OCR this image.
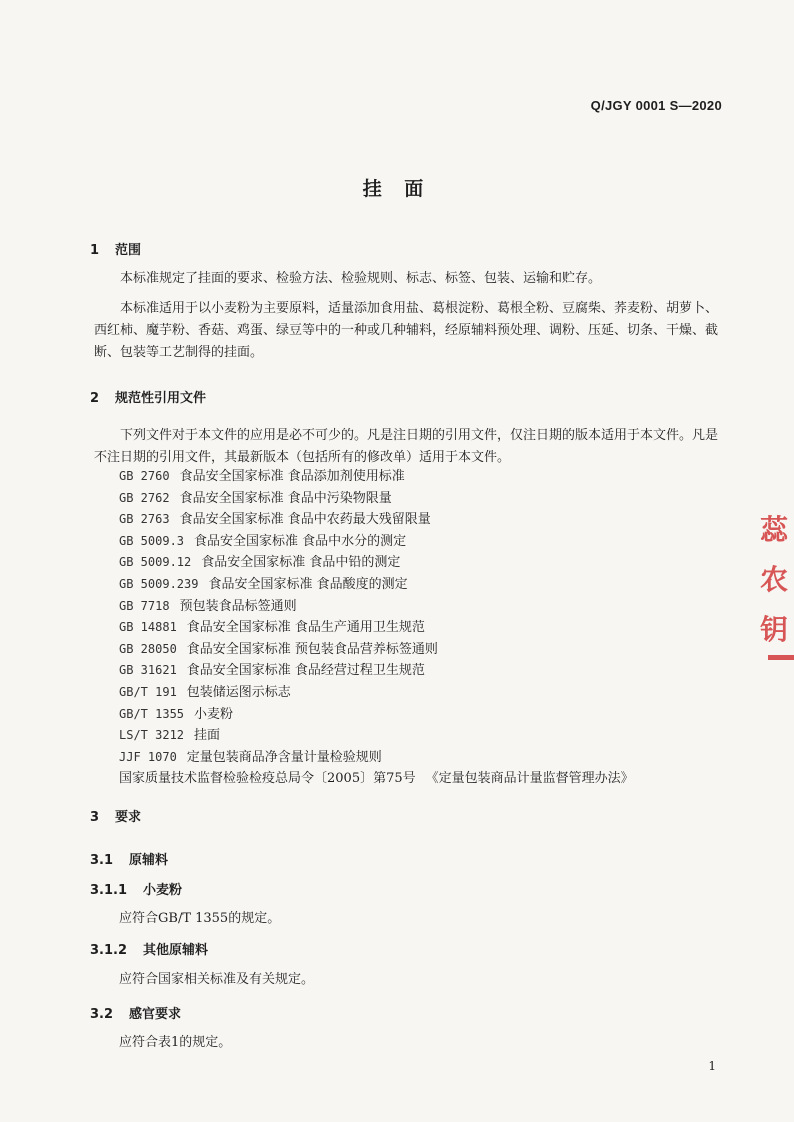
Q/JGY 0001 S—2020
挂 面
1 范围
本标准规定了挂面的要求、检验方法、检验规则、标志、标签、包装、运输和贮存。
本标准适用于以小麦粉为主要原料，适量添加食用盐、葛根淀粉、葛根全粉、豆腐柴、荞麦粉、胡萝卜、西红柿、魔芋粉、香菇、鸡蛋、绿豆等中的一种或几种辅料，经原辅料预处理、调粉、压延、切条、干燥、截断、包装等工艺制得的挂面。
2 规范性引用文件
下列文件对于本文件的应用是必不可少的。凡是注日期的引用文件，仅注日期的版本适用于本文件。凡是不注日期的引用文件，其最新版本（包括所有的修改单）适用于本文件。
GB 2760 食品安全国家标准 食品添加剂使用标准
GB 2762 食品安全国家标准 食品中污染物限量
GB 2763 食品安全国家标准 食品中农药最大残留限量
GB 5009.3 食品安全国家标准 食品中水分的测定
GB 5009.12 食品安全国家标准 食品中铅的测定
GB 5009.239 食品安全国家标准 食品酸度的测定
GB 7718 预包装食品标签通则
GB 14881 食品安全国家标准 食品生产通用卫生规范
GB 28050 食品安全国家标准 预包装食品营养标签通则
GB 31621 食品安全国家标准 食品经营过程卫生规范
GB/T 191 包装储运图示标志
GB/T 1355 小麦粉
LS/T 3212 挂面
JJF 1070 定量包装商品净含量计量检验规则
国家质量技术监督检验检疫总局令〔2005〕第75号 《定量包装商品计量监督管理办法》
3 要求
3.1 原辅料
3.1.1 小麦粉
应符合GB/T 1355的规定。
3.1.2 其他原辅料
应符合国家相关标准及有关规定。
3.2 感官要求
应符合表1的规定。
1
蕊
农
钥
